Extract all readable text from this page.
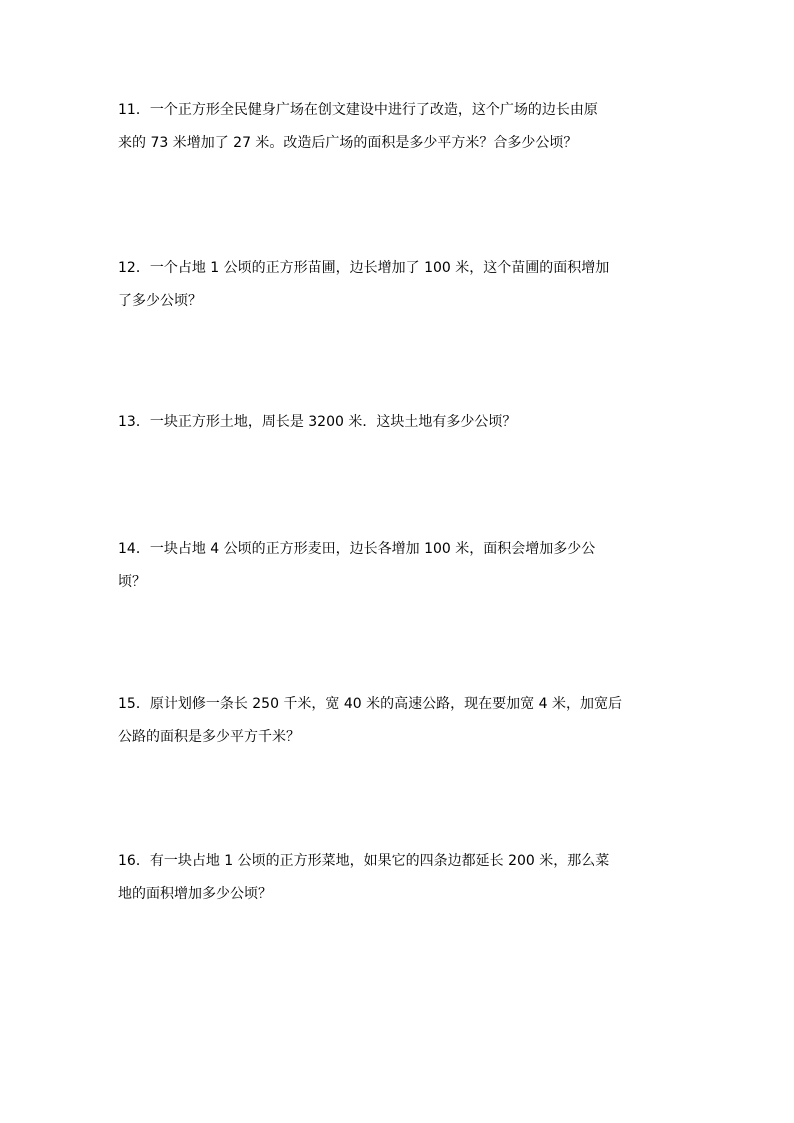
11．一个正方形全民健身广场在创文建设中进行了改造，这个广场的边长由原
来的 73 米增加了 27 米。改造后广场的面积是多少平方米？合多少公顷？
12．一个占地 1 公顷的正方形苗圃，边长增加了 100 米，这个苗圃的面积增加
了多少公顷？
13．一块正方形土地，周长是 3200 米．这块土地有多少公顷？
14．一块占地 4 公顷的正方形麦田，边长各增加 100 米，面积会增加多少公
顷？
15．原计划修一条长 250 千米，宽 40 米的高速公路，现在要加宽 4 米，加宽后
公路的面积是多少平方千米？
16．有一块占地 1 公顷的正方形菜地，如果它的四条边都延长 200 米，那么菜
地的面积增加多少公顷？
